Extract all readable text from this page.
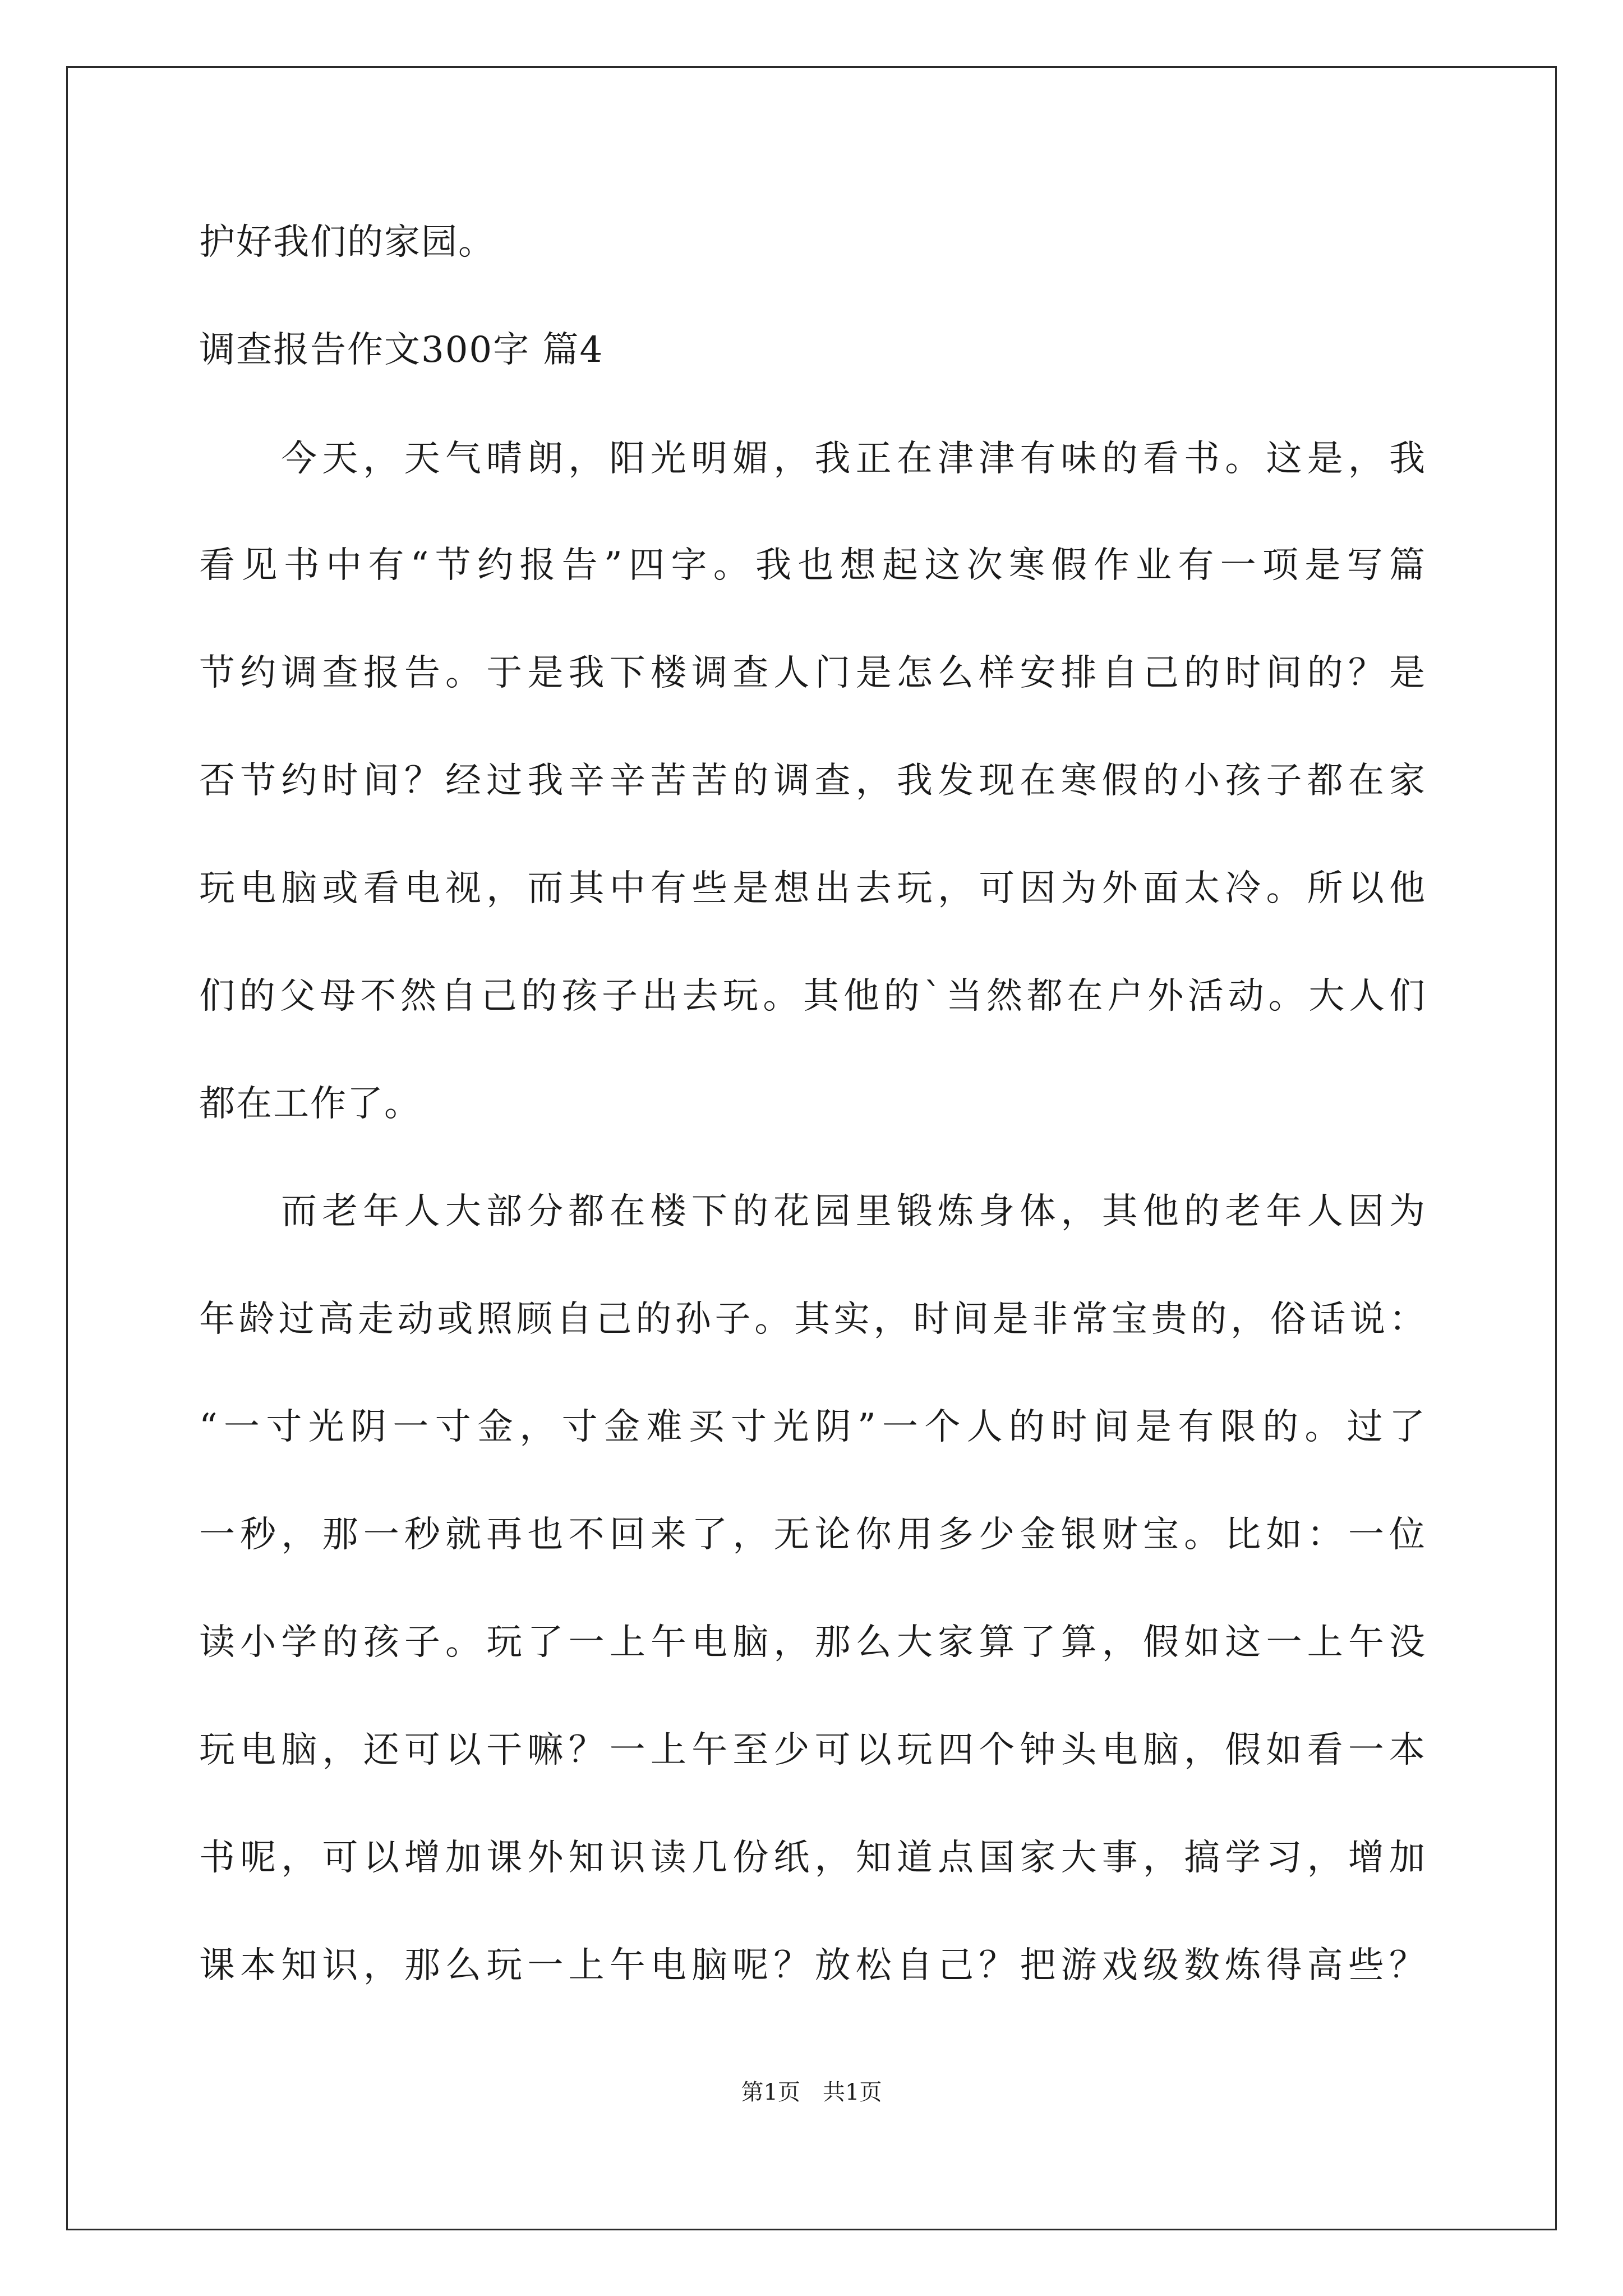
护好我们的家园。
调查报告作文300字 篇4
今天，天气晴朗，阳光明媚，我正在津津有味的看书。这是，我
看见书中有“节约报告”四字。我也想起这次寒假作业有一项是写篇
节约调查报告。于是我下楼调查人门是怎么样安排自己的时间的？是
否节约时间？经过我辛辛苦苦的调查，我发现在寒假的小孩子都在家
玩电脑或看电视，而其中有些是想出去玩，可因为外面太冷。所以他
们的父母不然自己的孩子出去玩。其他的`当然都在户外活动。大人们
都在工作了。
而老年人大部分都在楼下的花园里锻炼身体，其他的老年人因为
年龄过高走动或照顾自己的孙子。其实，时间是非常宝贵的，俗话说：
“一寸光阴一寸金，寸金难买寸光阴”一个人的时间是有限的。过了
一秒，那一秒就再也不回来了，无论你用多少金银财宝。比如：一位
读小学的孩子。玩了一上午电脑，那么大家算了算，假如这一上午没
玩电脑，还可以干嘛？一上午至少可以玩四个钟头电脑，假如看一本
书呢，可以增加课外知识读几份纸，知道点国家大事，搞学习，增加
课本知识，那么玩一上午电脑呢？放松自己？把游戏级数炼得高些？
第1页 共1页
